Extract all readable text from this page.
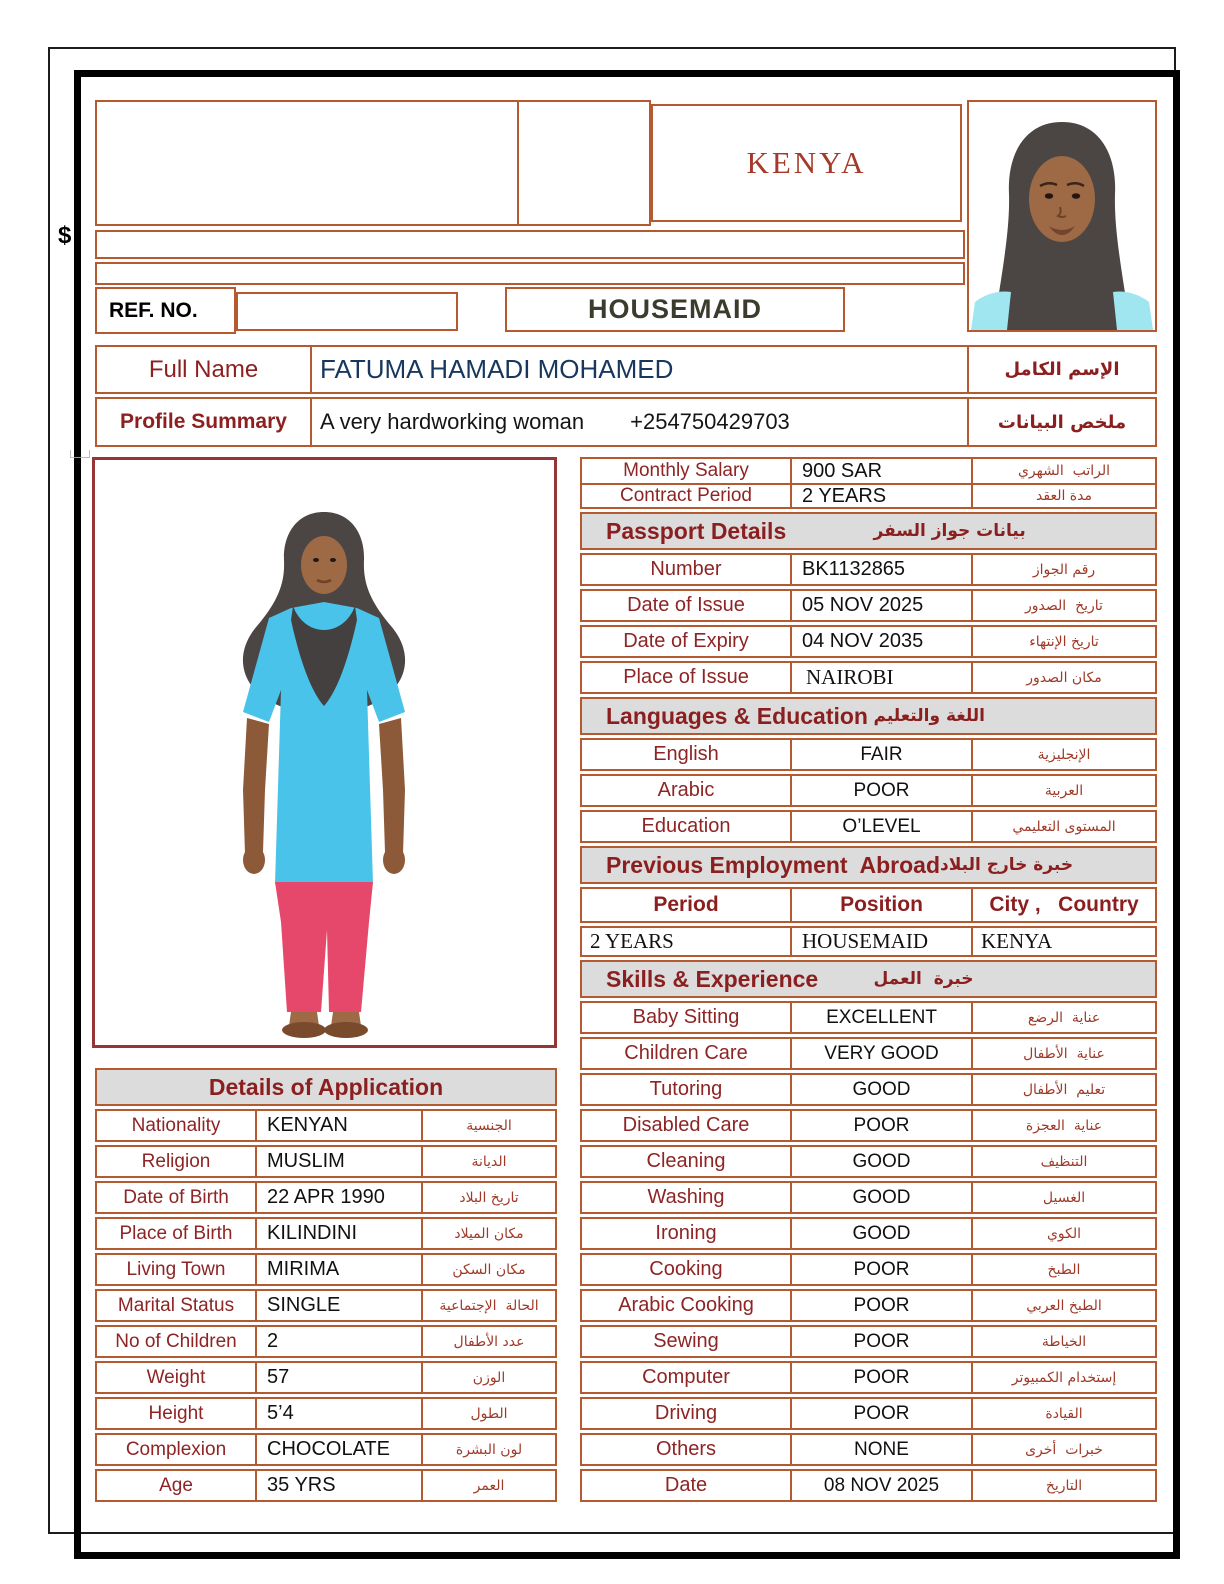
$
KENYA
REF. NO.	HOUSEMAID
Full Name	FATUMA HAMADI MOHAMED	الإسم الكامل
Profile Summary	A very hardworking woman +254750429703	ملخص البيانات
Details of Application
Nationality	KENYAN	الجنسية
Religion	MUSLIM	الديانة
Date of Birth	22 APR 1990	تاريخ البلاد
Place of Birth	KILINDINI	مكان الميلاد
Living Town	MIRIMA	مكان السكن
Marital Status	SINGLE	الحالة  الإجتماعية
No of Children	2	عدد الأطفال
Weight	57	الوزن
Height	5’4	الطول
Complexion	CHOCOLATE	لون البشرة
Age	35 YRS	العمر
Monthly Salary	900 SAR	الراتب  الشهري
Contract Period	2 YEARS	مدة العقد
Passport Details	بيانات جواز السفر
Number	BK1132865	رقم الجواز
Date of Issue	05 NOV 2025	تاريخ  الصدور
Date of Expiry	04 NOV 2035	تاريخ الإنتهاء
Place of Issue	NAIROBI	مكان الصدور
Languages & Education اللغة والتعليم
English	FAIR	الإنجليزية
Arabic	POOR	العربية
Education	O’LEVEL	المستوى التعليمي
Previous Employment  Abroad خبرة خارج البلاد
Period	Position	City ,   Country
2 YEARS	HOUSEMAID	KENYA
Skills & Experience	خبرة  العمل
Baby Sitting	EXCELLENT	عناية  الرضع
Children Care	VERY GOOD	عناية  الأطفال
Tutoring	GOOD	تعليم  الأطفال
Disabled Care	POOR	عناية  العجزة
Cleaning	GOOD	التنظيف
Washing	GOOD	الغسيل
Ironing	GOOD	الكوي
Cooking	POOR	الطبخ
Arabic Cooking	POOR	الطبخ العربي
Sewing	POOR	الخياطة
Computer	POOR	إستخدام الكمبيوتر
Driving	POOR	القيادة
Others	NONE	خبرات  أخرى
Date	08 NOV 2025	التاريخ
